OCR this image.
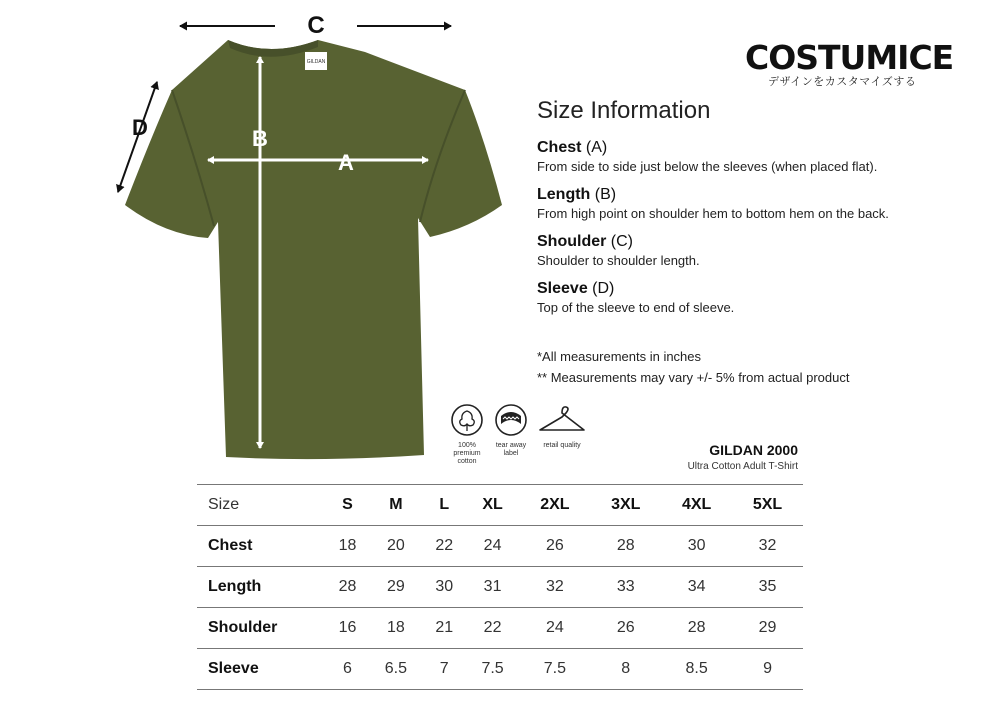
GILDAN
A
B
C
D
COSTUMICE
デザインをカスタマイズする
Size Information
Chest (A)
From side to side just below the sleeves (when placed flat).
Length (B)
From high point on shoulder hem to bottom hem on the back.
Shoulder (C)
Shoulder to shoulder length.
Sleeve (D)
Top of the sleeve to end of sleeve.
*All measurements in inches
** Measurements may vary +/- 5% from actual product
100%
premium
cotton
tear away
label
retail quality	GILDAN 2000
Ultra Cotton Adult T-Shirt
Size	S	M	L	XL	2XL	3XL	4XL	5XL
Chest	18	20	22	24	26	28	30	32
Length	28	29	30	31	32	33	34	35
Shoulder	16	18	21	22	24	26	28	29
Sleeve	6	6.5	7	7.5	7.5	8	8.5	9
